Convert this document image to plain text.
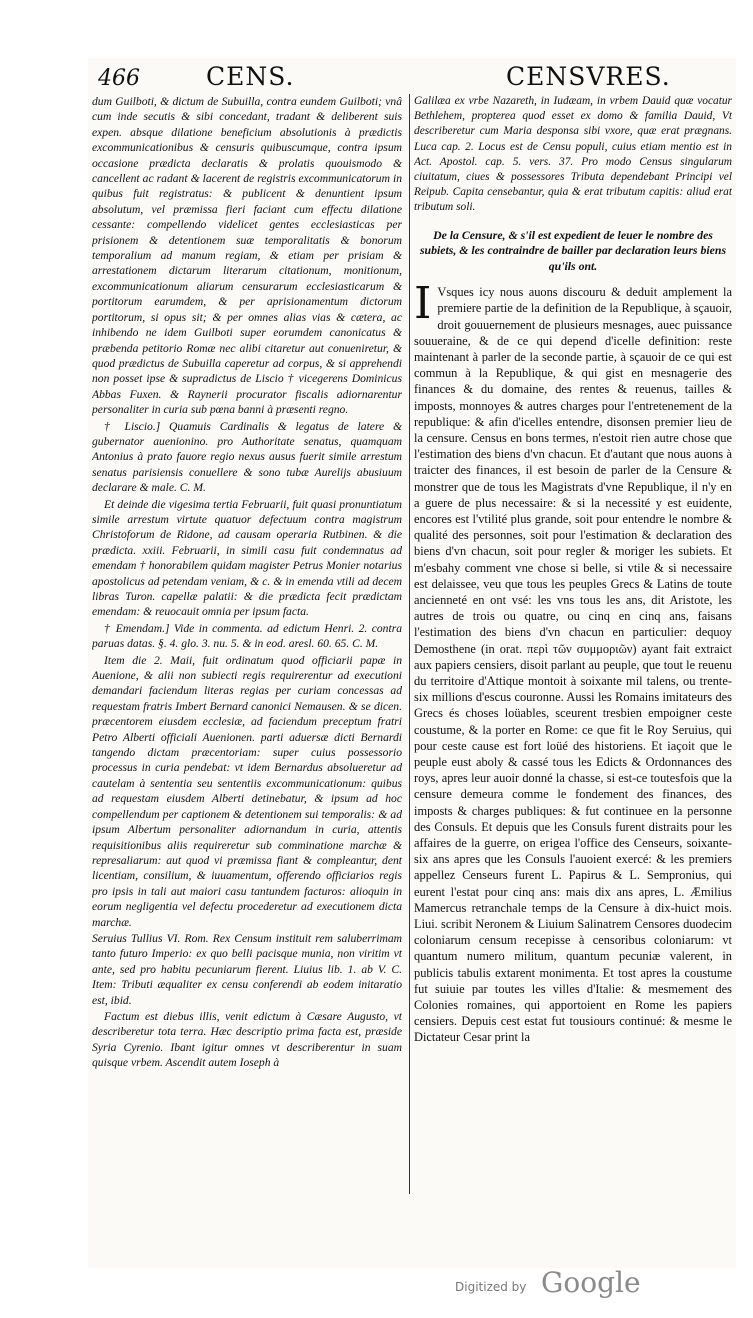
466	CENS.	CENSVRES.

dum Guilboti, & dictum de Subuilla, contra eundem Guilboti; vnâ cum inde secutis & sibi concedant, tradant & deliberent suis expen. absque dilatione beneficium absolutionis à prædictis excommunicationibus & censuris quibuscumque, contra ipsum occasione prædicta declaratis & prolatis quouismodo & cancellent ac radant & lacerent de registris excommunicatorum in quibus fuit registratus: & publicent & denuntient ipsum absolutum, vel præmissa fieri faciant cum effectu dilatione cessante: compellendo videlicet gentes ecclesiasticas per prisionem & detentionem suæ temporalitatis & bonorum temporalium ad manum regiam, & etiam per prisiam & arrestationem dictarum literarum citationum, monitionum, excommunicationum aliarum censurarum ecclesiasticarum & portitorum earumdem, & per aprisionamentum dictorum portitorum, si opus sit; & per omnes alias vias & cætera, ac inhibendo ne idem Guilboti super eorumdem canonicatus & præbenda petitorio Romæ nec alibi citaretur aut conueniretur, & quod prædictus de Subuilla caperetur ad corpus, & si apprehendi non posset ipse & supradictus de Liscio † vicegerens Dominicus Abbas Fuxen. & Raynerii procurator fiscalis adiornarentur personaliter in curia sub pœna banni à præsenti regno.

† Liscio.] Quamuis Cardinalis & legatus de latere & gubernator auenionino. pro Authoritate senatus, quamquam Antonius à prato fauore regio nexus ausus fuerit simile arrestum senatus parisiensis conuellere & sono tubæ Aurelijs abusiuum declarare & male. C. M.

Et deinde die vigesima tertia Februarii, fuit quasi pronuntiatum simile arrestum virtute quatuor defectuum contra magistrum Christoforum de Ridone, ad causam operaria Rutbinen. & die prædicta. xxiii. Februarii, in simili casu fuit condemnatus ad emendam † honorabilem quidam magister Petrus Monier notarius apostolicus ad petendam veniam, & c. & in emenda vtili ad decem libras Turon. capellæ palatii: & die prædicta fecit prædictam emendam: & reuocauit omnia per ipsum facta.

† Emendam.] Vide in commenta. ad edictum Henri. 2. contra paruas datas. §. 4. glo. 3. nu. 5. & in eod. aresl. 60. 65. C. M.

Item die 2. Maii, fuit ordinatum quod officiarii papæ in Auenione, & alii non subiecti regis requirerentur ad executioni demandari faciendum literas regias per curiam concessas ad requestam fratris Imbert Bernard canonici Nemausen. & se dicen. præcentorem eiusdem ecclesiæ, ad faciendum preceptum fratri Petro Alberti officiali Auenionen. parti aduersæ dicti Bernardi tangendo dictam præcentoriam: super cuius possessorio processus in curia pendebat: vt idem Bernardus absolueretur ad cautelam à sententia seu sententiis excommunicationum: quibus ad requestam eiusdem Alberti detinebatur, & ipsum ad hoc compellendum per captionem & detentionem sui temporalis: & ad ipsum Albertum personaliter adiornandum in curia, attentis requisitionibus aliis requireretur sub comminatione marchæ & represaliarum: aut quod vi præmissa fiant & compleantur, dent licentiam, consilium, & iuuamentum, offerendo officiarios regis pro ipsis in tali aut maiori casu tantundem facturos: alioquin in eorum negligentia vel defectu procederetur ad executionem dicta marchæ.

Seruius Tullius VI. Rom. Rex Censum instituit rem saluberrimam tanto futuro Imperio: ex quo belli pacisque munia, non viritim vt ante, sed pro habitu pecuniarum fierent. Liuius lib. 1. ab V. C. Item: Tributi æqualiter ex censu conferendi ab eodem initaratio est, ibid.

Factum est diebus illis, venit edictum à Cæsare Augusto, vt describeretur tota terra. Hæc descriptio prima facta est, præside Syria Cyrenio. Ibant igitur omnes vt describerentur in suam quisque vrbem. Ascendit autem Ioseph à

Galilæa ex vrbe Nazareth, in Iudæam, in vrbem Dauid quæ vocatur Bethlehem, propterea quod esset ex domo & familia Dauid, Vt describeretur cum Maria desponsa sibi vxore, quæ erat prægnans. Luca cap. 2. Locus est de Censu populi, cuius etiam mentio est in Act. Apostol. cap. 5. vers. 37. Pro modo Census singularum ciuitatum, ciues & possessores Tributa dependebant Principi vel Reipub. Capita censebantur, quia & erat tributum capitis: aliud erat tributum soli.

De la Censure, & s'il est expedient de leuer le nombre des subiets, & les contraindre de bailler par declaration leurs biens qu'ils ont.

I Vsques icy nous auons discouru & deduit amplement la premiere partie de la definition de la Republique, à sçauoir, droit gouuernement de plusieurs mesnages, auec puissance souueraine, & de ce qui depend d'icelle definition: reste maintenant à parler de la seconde partie, à sçauoir de ce qui est commun à la Republique, & qui gist en mesnagerie des finances & du domaine, des rentes & reuenus, tailles & imposts, monnoyes & autres charges pour l'entretenement de la republique: & afin d'icelles entendre, disonsen premier lieu de la censure. Census en bons termes, n'estoit rien autre chose que l'estimation des biens d'vn chacun. Et d'autant que nous auons à traicter des finances, il est besoin de parler de la Censure & monstrer que de tous les Magistrats d'vne Republique, il n'y en a guere de plus necessaire: & si la necessité y est euidente, encores est l'vtilité plus grande, soit pour entendre le nombre & qualité des personnes, soit pour l'estimation & declaration des biens d'vn chacun, soit pour regler & moriger les subiets. Et m'esbahy comment vne chose si belle, si vtile & si necessaire est delaissee, veu que tous les peuples Grecs & Latins de toute ancienneté en ont vsé: les vns tous les ans, dit Aristote, les autres de trois ou quatre, ou cinq en cinq ans, faisans l'estimation des biens d'vn chacun en particulier: dequoy Demosthene (in orat. περὶ τῶν συμμοριῶν) ayant fait extraict aux papiers censiers, disoit parlant au peuple, que tout le reuenu du territoire d'Attique montoit à soixante mil talens, ou trente-six millions d'escus couronne. Aussi les Romains imitateurs des Grecs és choses loüables, sceurent tresbien empoigner ceste coustume, & la porter en Rome: ce que fit le Roy Seruius, qui pour ceste cause est fort loüé des historiens. Et iaçoit que le peuple eust aboly & cassé tous les Edicts & Ordonnances des roys, apres leur auoir donné la chasse, si est-ce toutesfois que la censure demeura comme le fondement des finances, des imposts & charges publiques: & fut continuee en la personne des Consuls. Et depuis que les Consuls furent distraits pour les affaires de la guerre, on erigea l'office des Censeurs, soixante-six ans apres que les Consuls l'auoient exercé: & les premiers appellez Censeurs furent L. Papirus & L. Sempronius, qui eurent l'estat pour cinq ans: mais dix ans apres, L. Æmilius Mamercus retranchale temps de la Censure à dix-huict mois. Liui. scribit Neronem & Liuium Salinatrem Censores duodecim coloniarum censum recepisse à censoribus coloniarum: vt quantum numero militum, quantum pecuniæ valerent, in publicis tabulis extarent monimenta. Et tost apres la coustume fut suiuie par toutes les villes d'Italie: & mesmement des Colonies romaines, qui apportoient en Rome les papiers censiers. Depuis cest estat fut tousiours continué: & mesme le Dictateur Cesar print la

Digitized by Google
